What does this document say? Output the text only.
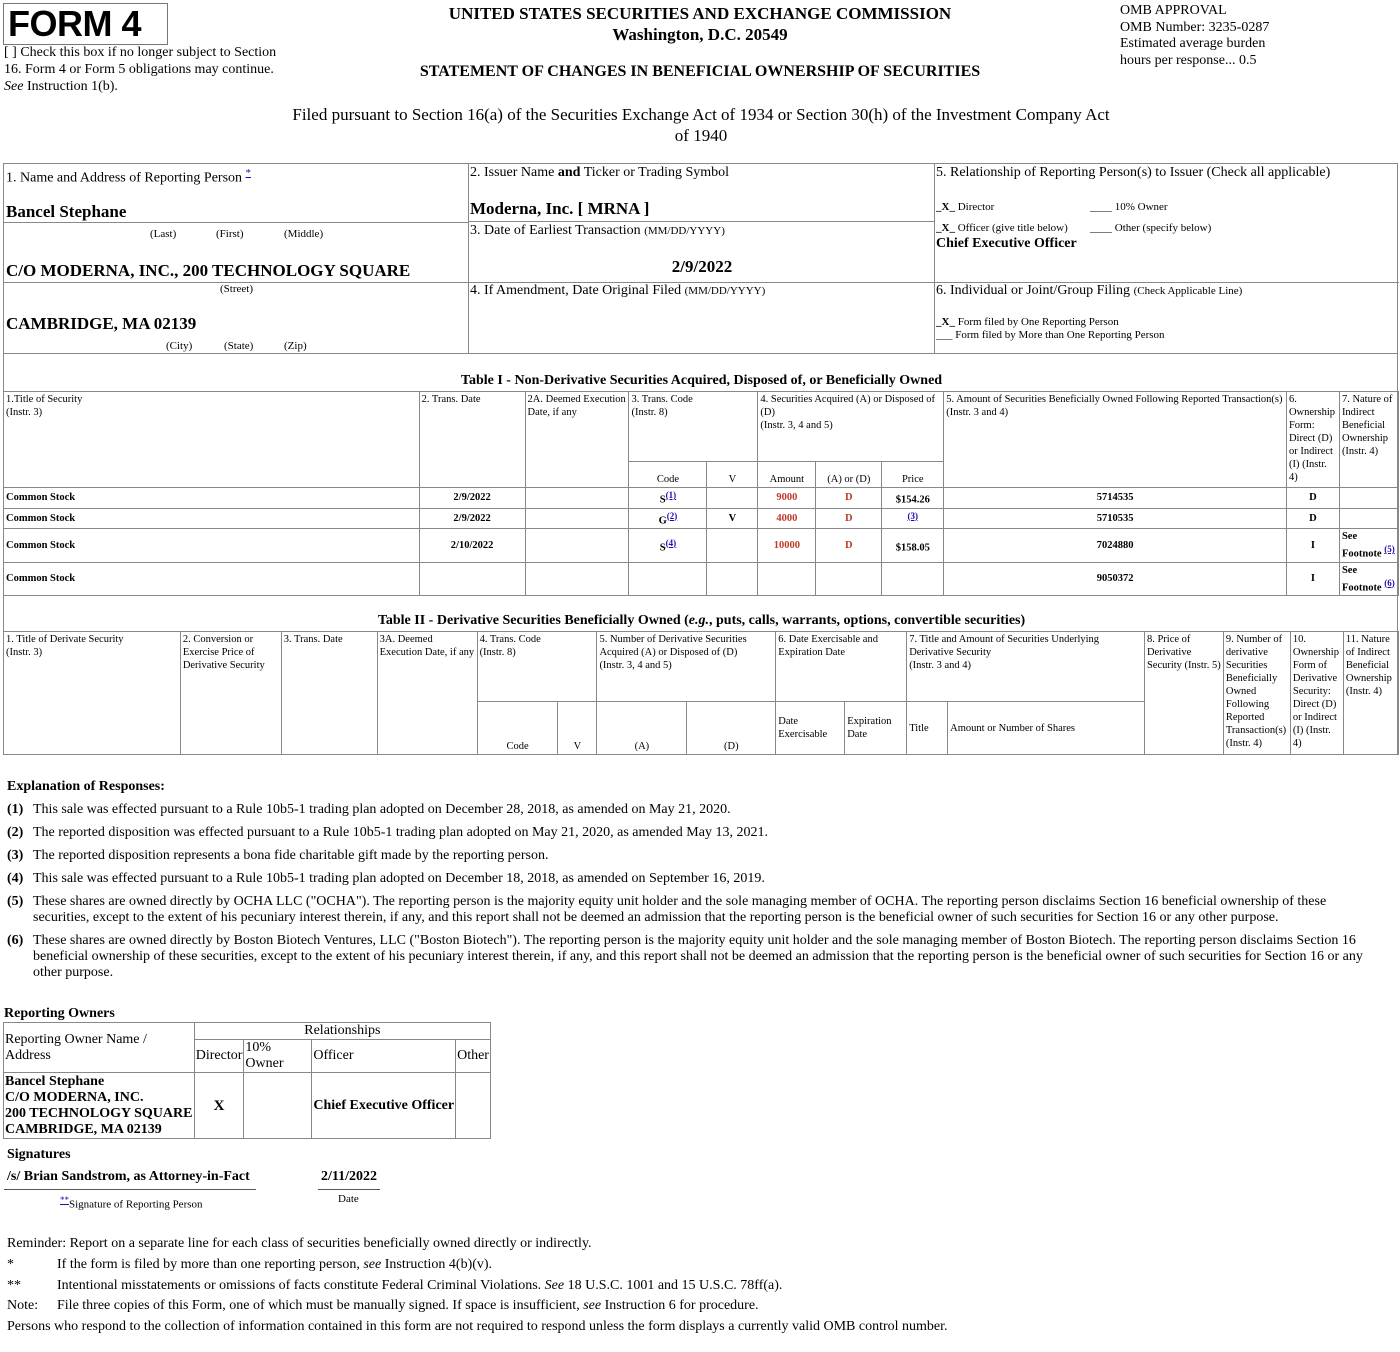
FORM 4
[ ] Check this box if no longer subject to Section 16. Form 4 or Form 5 obligations may continue.
See Instruction 1(b).
UNITED STATES SECURITIES AND EXCHANGE COMMISSION
Washington, D.C. 20549
STATEMENT OF CHANGES IN BENEFICIAL OWNERSHIP OF SECURITIES
Filed pursuant to Section 16(a) of the Securities Exchange Act of 1934 or Section 30(h) of the Investment Company Act of 1940
OMB APPROVAL
OMB Number: 3235-0287
Estimated average burden
hours per response... 0.5
1. Name and Address of Reporting Person *
Bancel Stephane
(Last)	(First)	(Middle)
C/O MODERNA, INC., 200 TECHNOLOGY SQUARE
(Street)
CAMBRIDGE, MA 02139
(City)	(State)	(Zip)
2. Issuer Name and Ticker or Trading Symbol
Moderna, Inc. [ MRNA ]
3. Date of Earliest Transaction (MM/DD/YYYY)
2/9/2022
4. If Amendment, Date Original Filed (MM/DD/YYYY)
5. Relationship of Reporting Person(s) to Issuer (Check all applicable)
_X_ Director	____ 10% Owner
_X_ Officer (give title below) ____ Other (specify below)
Chief Executive Officer
6. Individual or Joint/Group Filing (Check Applicable Line)
_X_ Form filed by One Reporting Person
___ Form filed by More than One Reporting Person
Table I - Non-Derivative Securities Acquired, Disposed of, or Beneficially Owned
1.Title of Security
(Instr. 3)	2. Trans. Date	2A. Deemed Execution Date, if any	3. Trans. Code
(Instr. 8)		4. Securities Acquired (A) or Disposed of (D)
(Instr. 3, 4 and 5)			5. Amount of Securities Beneficially Owned Following Reported Transaction(s)
(Instr. 3 and 4)	6. Ownership Form: Direct (D) or Indirect (I) (Instr. 4)	7. Nature of Indirect Beneficial Ownership (Instr. 4)
			Code	V	Amount	(A) or (D)	Price			
Common Stock	2/9/2022		S(1)		9000	D	$154.26	5714535	D	
Common Stock	2/9/2022		G(2)	V	4000	D	(3)	5710535	D	
Common Stock	2/10/2022		S(4)		10000	D	$158.05	7024880	I	See Footnote (5)
Common Stock								9050372	I	See Footnote (6)
Table II - Derivative Securities Beneficially Owned (e.g., puts, calls, warrants, options, convertible securities)
1. Title of Derivate Security
(Instr. 3)	2. Conversion or Exercise Price of Derivative Security	3. Trans. Date	3A. Deemed Execution Date, if any	4. Trans. Code
(Instr. 8)		5. Number of Derivative Securities Acquired (A) or Disposed of (D)
(Instr. 3, 4 and 5)		6. Date Exercisable and Expiration Date		7. Title and Amount of Securities Underlying Derivative Security
(Instr. 3 and 4)		8. Price of Derivative Security (Instr. 5)	9. Number of derivative Securities Beneficially Owned Following Reported Transaction(s) (Instr. 4)	10. Ownership Form of Derivative Security: Direct (D) or Indirect (I) (Instr. 4)	11. Nature of Indirect Beneficial Ownership (Instr. 4)
				Code	V	(A)	(D)	Date Exercisable	Expiration Date	Title	Amount or Number of Shares				
Explanation of Responses:
(1) This sale was effected pursuant to a Rule 10b5-1 trading plan adopted on December 28, 2018, as amended on May 21, 2020.
(2) The reported disposition was effected pursuant to a Rule 10b5-1 trading plan adopted on May 21, 2020, as amended May 13, 2021.
(3) The reported disposition represents a bona fide charitable gift made by the reporting person.
(4) This sale was effected pursuant to a Rule 10b5-1 trading plan adopted on December 18, 2018, as amended on September 16, 2019.
(5) These shares are owned directly by OCHA LLC ("OCHA"). The reporting person is the majority equity unit holder and the sole managing member of OCHA. The reporting person disclaims Section 16 beneficial ownership of these securities, except to the extent of his pecuniary interest therein, if any, and this report shall not be deemed an admission that the reporting person is the beneficial owner of such securities for Section 16 or any other purpose.
(6) These shares are owned directly by Boston Biotech Ventures, LLC ("Boston Biotech"). The reporting person is the majority equity unit holder and the sole managing member of Boston Biotech. The reporting person disclaims Section 16 beneficial ownership of these securities, except to the extent of his pecuniary interest therein, if any, and this report shall not be deemed an admission that the reporting person is the beneficial owner of such securities for Section 16 or any other purpose.
Reporting Owners
Reporting Owner Name / Address	Relationships			
	Director	10% Owner	Officer	Other

Bancel Stephane
C/O MODERNA, INC.
200 TECHNOLOGY SQUARE
CAMBRIDGE, MA 02139	X		Chief Executive Officer	
Signatures
/s/ Brian Sandstrom, as Attorney-in-Fact	2/11/2022
**Signature of Reporting Person	Date
Reminder: Report on a separate line for each class of securities beneficially owned directly or indirectly.
*	If the form is filed by more than one reporting person, see Instruction 4(b)(v).
**	Intentional misstatements or omissions of facts constitute Federal Criminal Violations. See 18 U.S.C. 1001 and 15 U.S.C. 78ff(a).
Note: File three copies of this Form, one of which must be manually signed. If space is insufficient, see Instruction 6 for procedure.
Persons who respond to the collection of information contained in this form are not required to respond unless the form displays a currently valid OMB control number.
